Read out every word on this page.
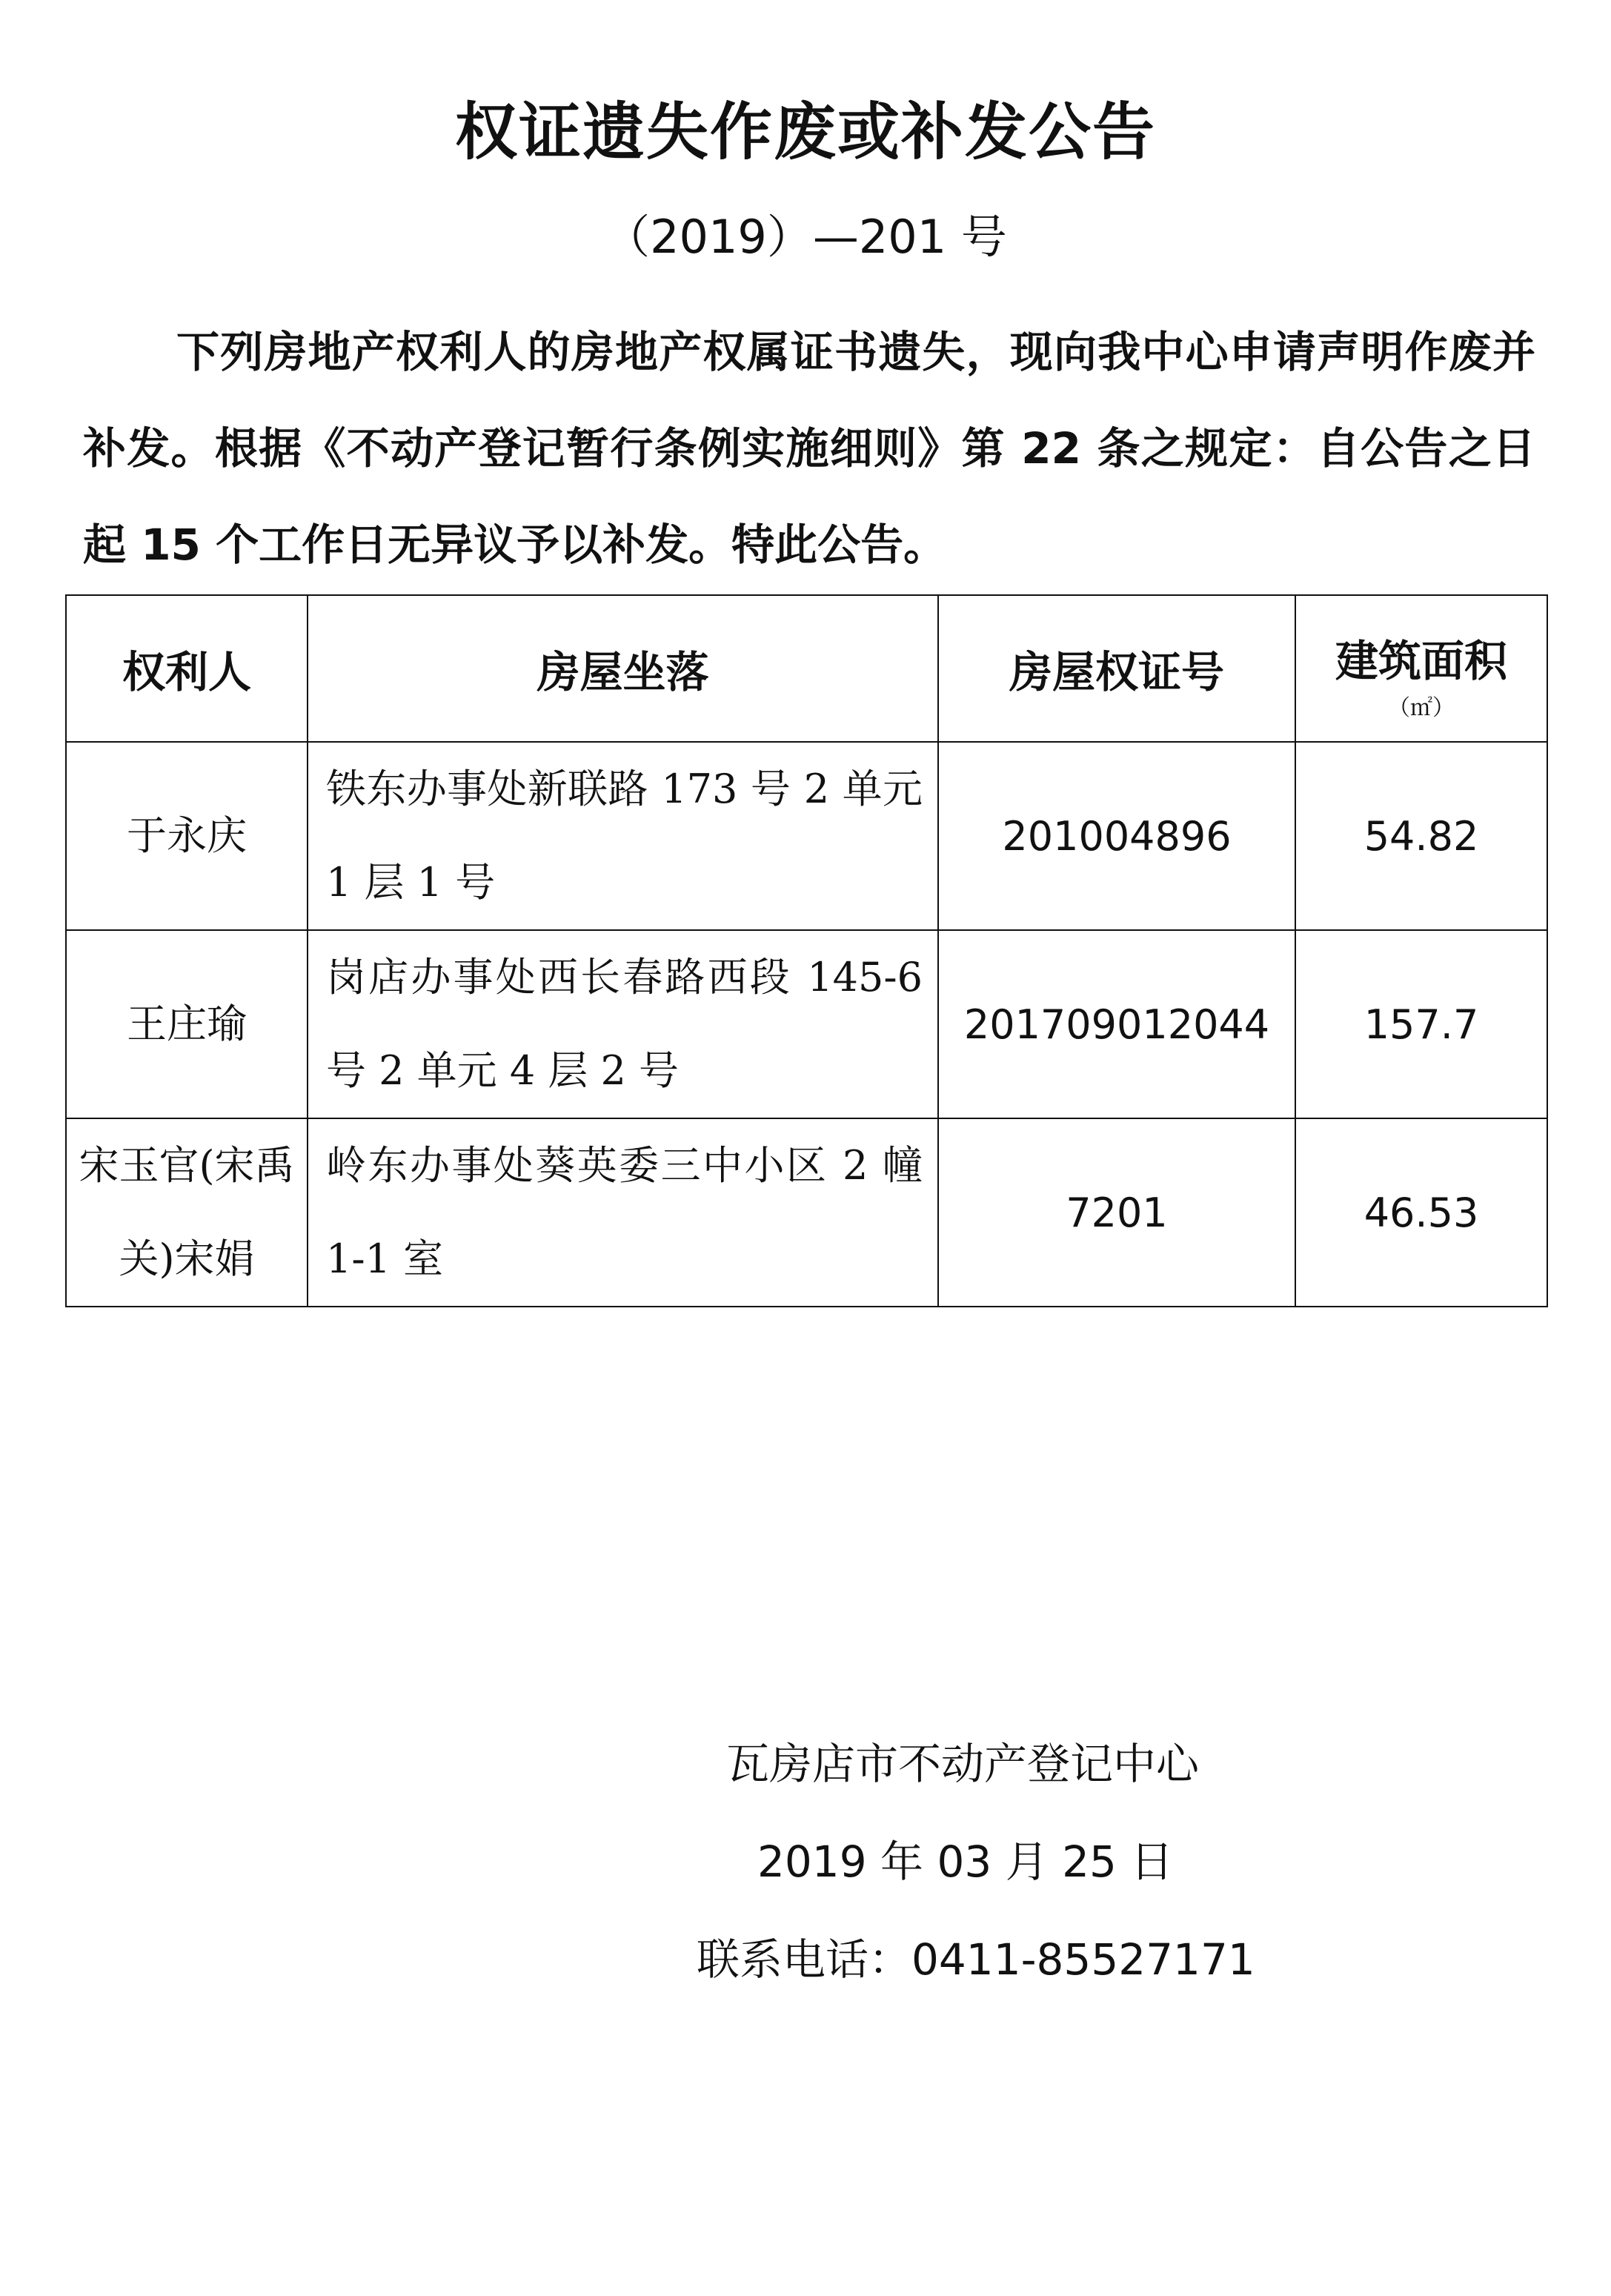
权证遗失作废或补发公告
（2019）—201 号

下列房地产权利人的房地产权属证书遗失，现向我中心申请声明作废并补发。根据《不动产登记暂行条例实施细则》第 22 条之规定：自公告之日起 15 个工作日无异议予以补发。特此公告。

权利人	房屋坐落	房屋权证号	建筑面积
（㎡）

于永庆	铁东办事处新联路 173 号 2 单元 1 层 1 号	201004896	54.82
王庄瑜	岗店办事处西长春路西段 145-6 号 2 单元 4 层 2 号	201709012044	157.7
宋玉官(宋禹关)宋娟	岭东办事处葵英委三中小区 2 幢 1-1 室	7201	46.53
瓦房店市不动产登记中心
2019 年 03 月 25 日
联系电话：0411-85527171
